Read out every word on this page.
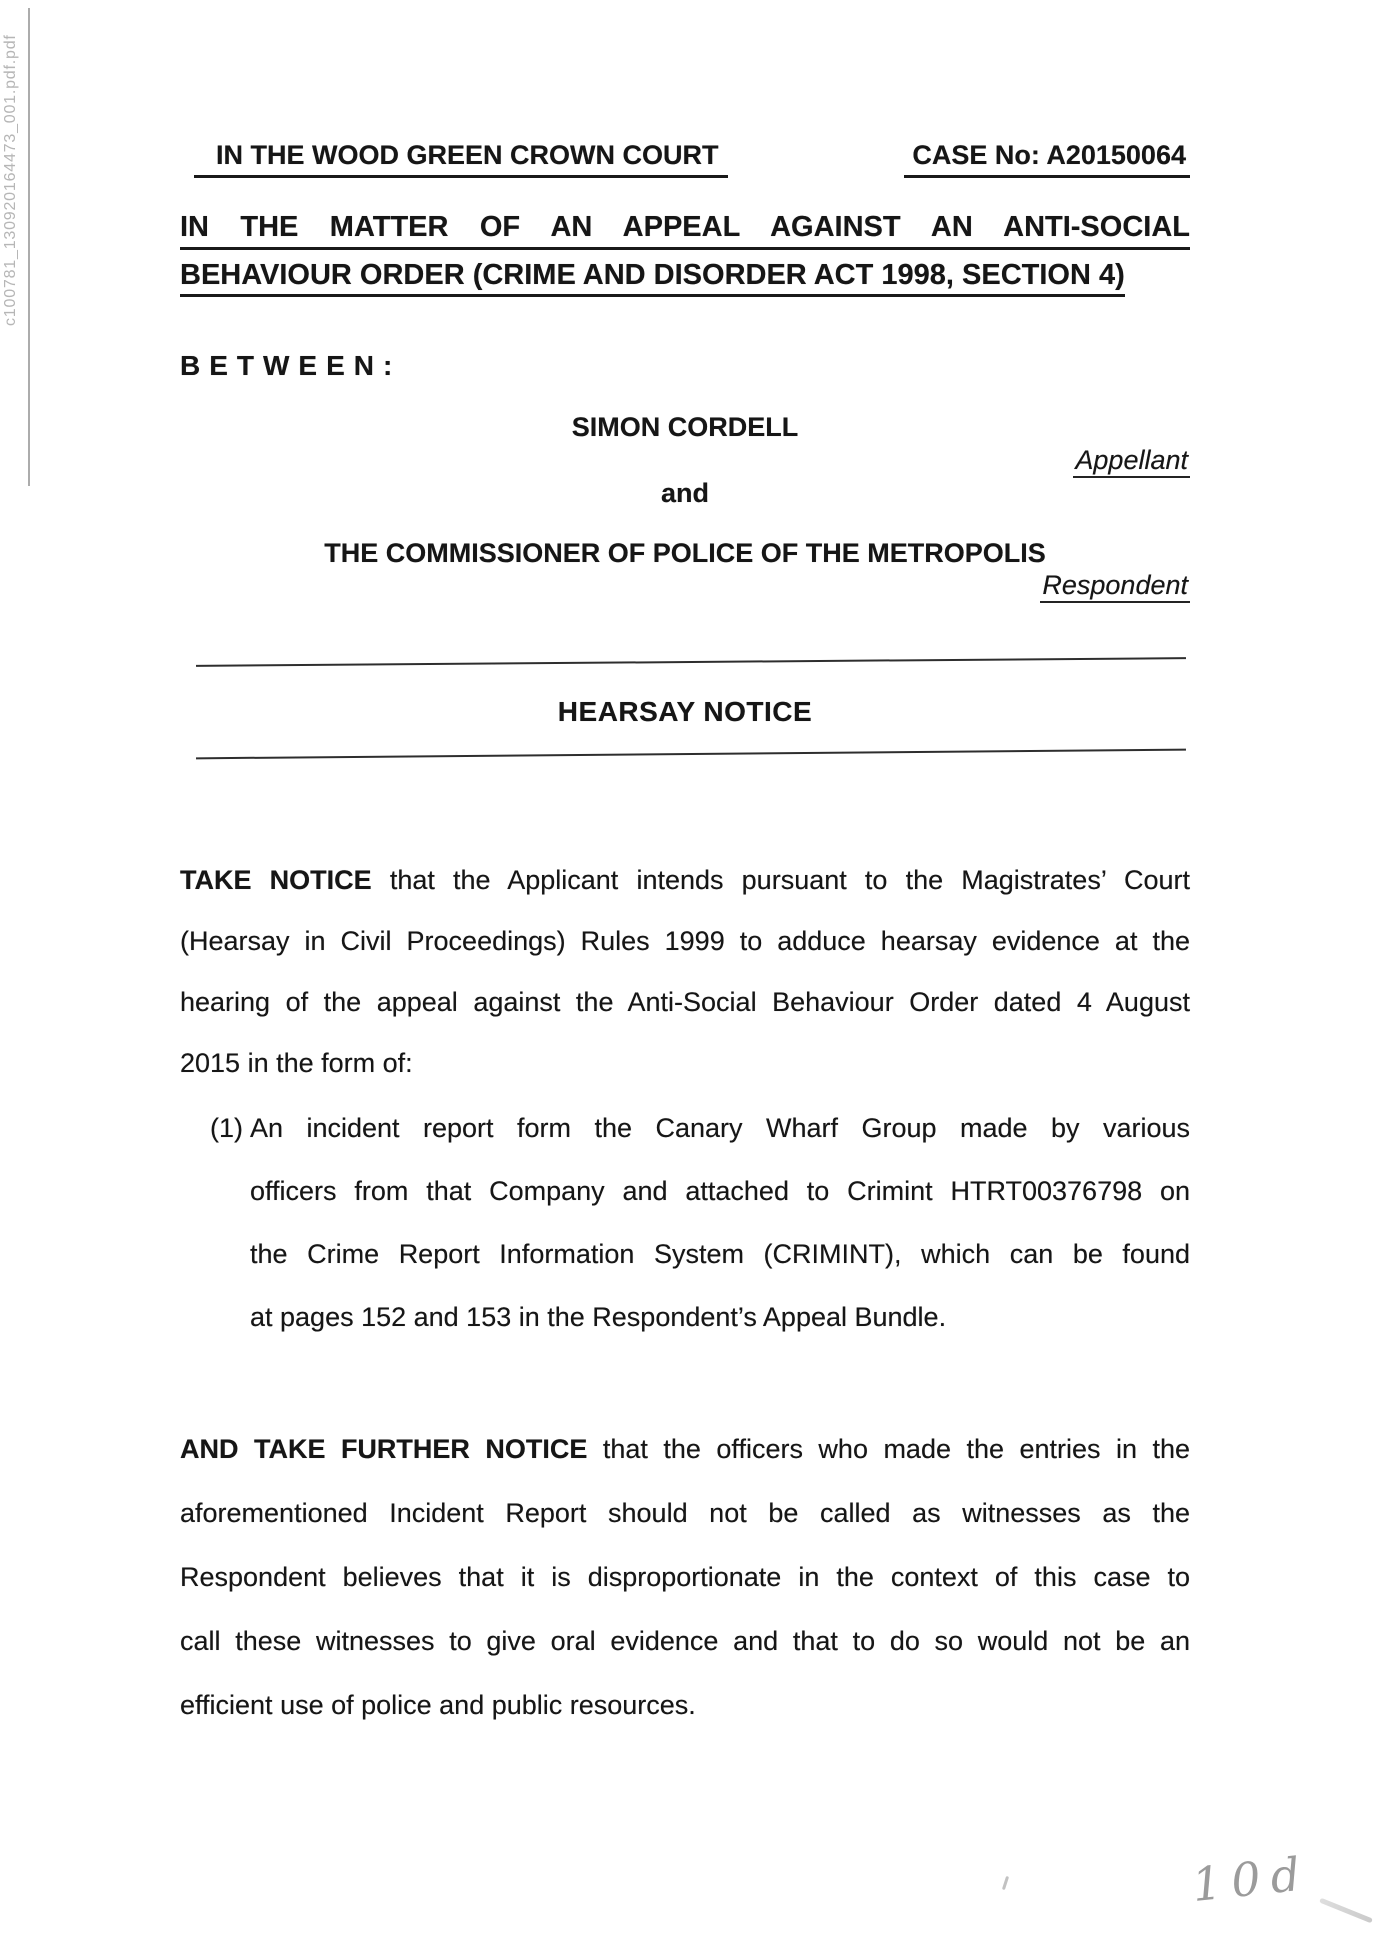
c100781_130920164473_001.pdf.pdf	IN THE WOOD GREEN CROWN COURT	CASE No: A20150064
IN THE MATTER OF AN APPEAL AGAINST AN ANTI-SOCIAL
BEHAVIOUR ORDER (CRIME AND DISORDER ACT 1998, SECTION 4)
BETWEEN:
SIMON CORDELL
Appellant
and
THE COMMISSIONER OF POLICE OF THE METROPOLIS
Respondent
HEARSAY NOTICE
TAKE NOTICE that the Applicant intends pursuant to the Magistrates’ Court
(Hearsay in Civil Proceedings) Rules 1999 to adduce hearsay evidence at the
hearing of the appeal against the Anti-Social Behaviour Order dated 4 August
2015 in the form of:
(1) An incident report form the Canary Wharf Group made by various
officers from that Company and attached to Crimint HTRT00376798 on
the Crime Report Information System (CRIMINT), which can be found
at pages 152 and 153 in the Respondent’s Appeal Bundle.
AND TAKE FURTHER NOTICE that the officers who made the entries in the
aforementioned Incident Report should not be called as witnesses as the
Respondent believes that it is disproportionate in the context of this case to
call these witnesses to give oral evidence and that to do so would not be an
efficient use of police and public resources.
10d
